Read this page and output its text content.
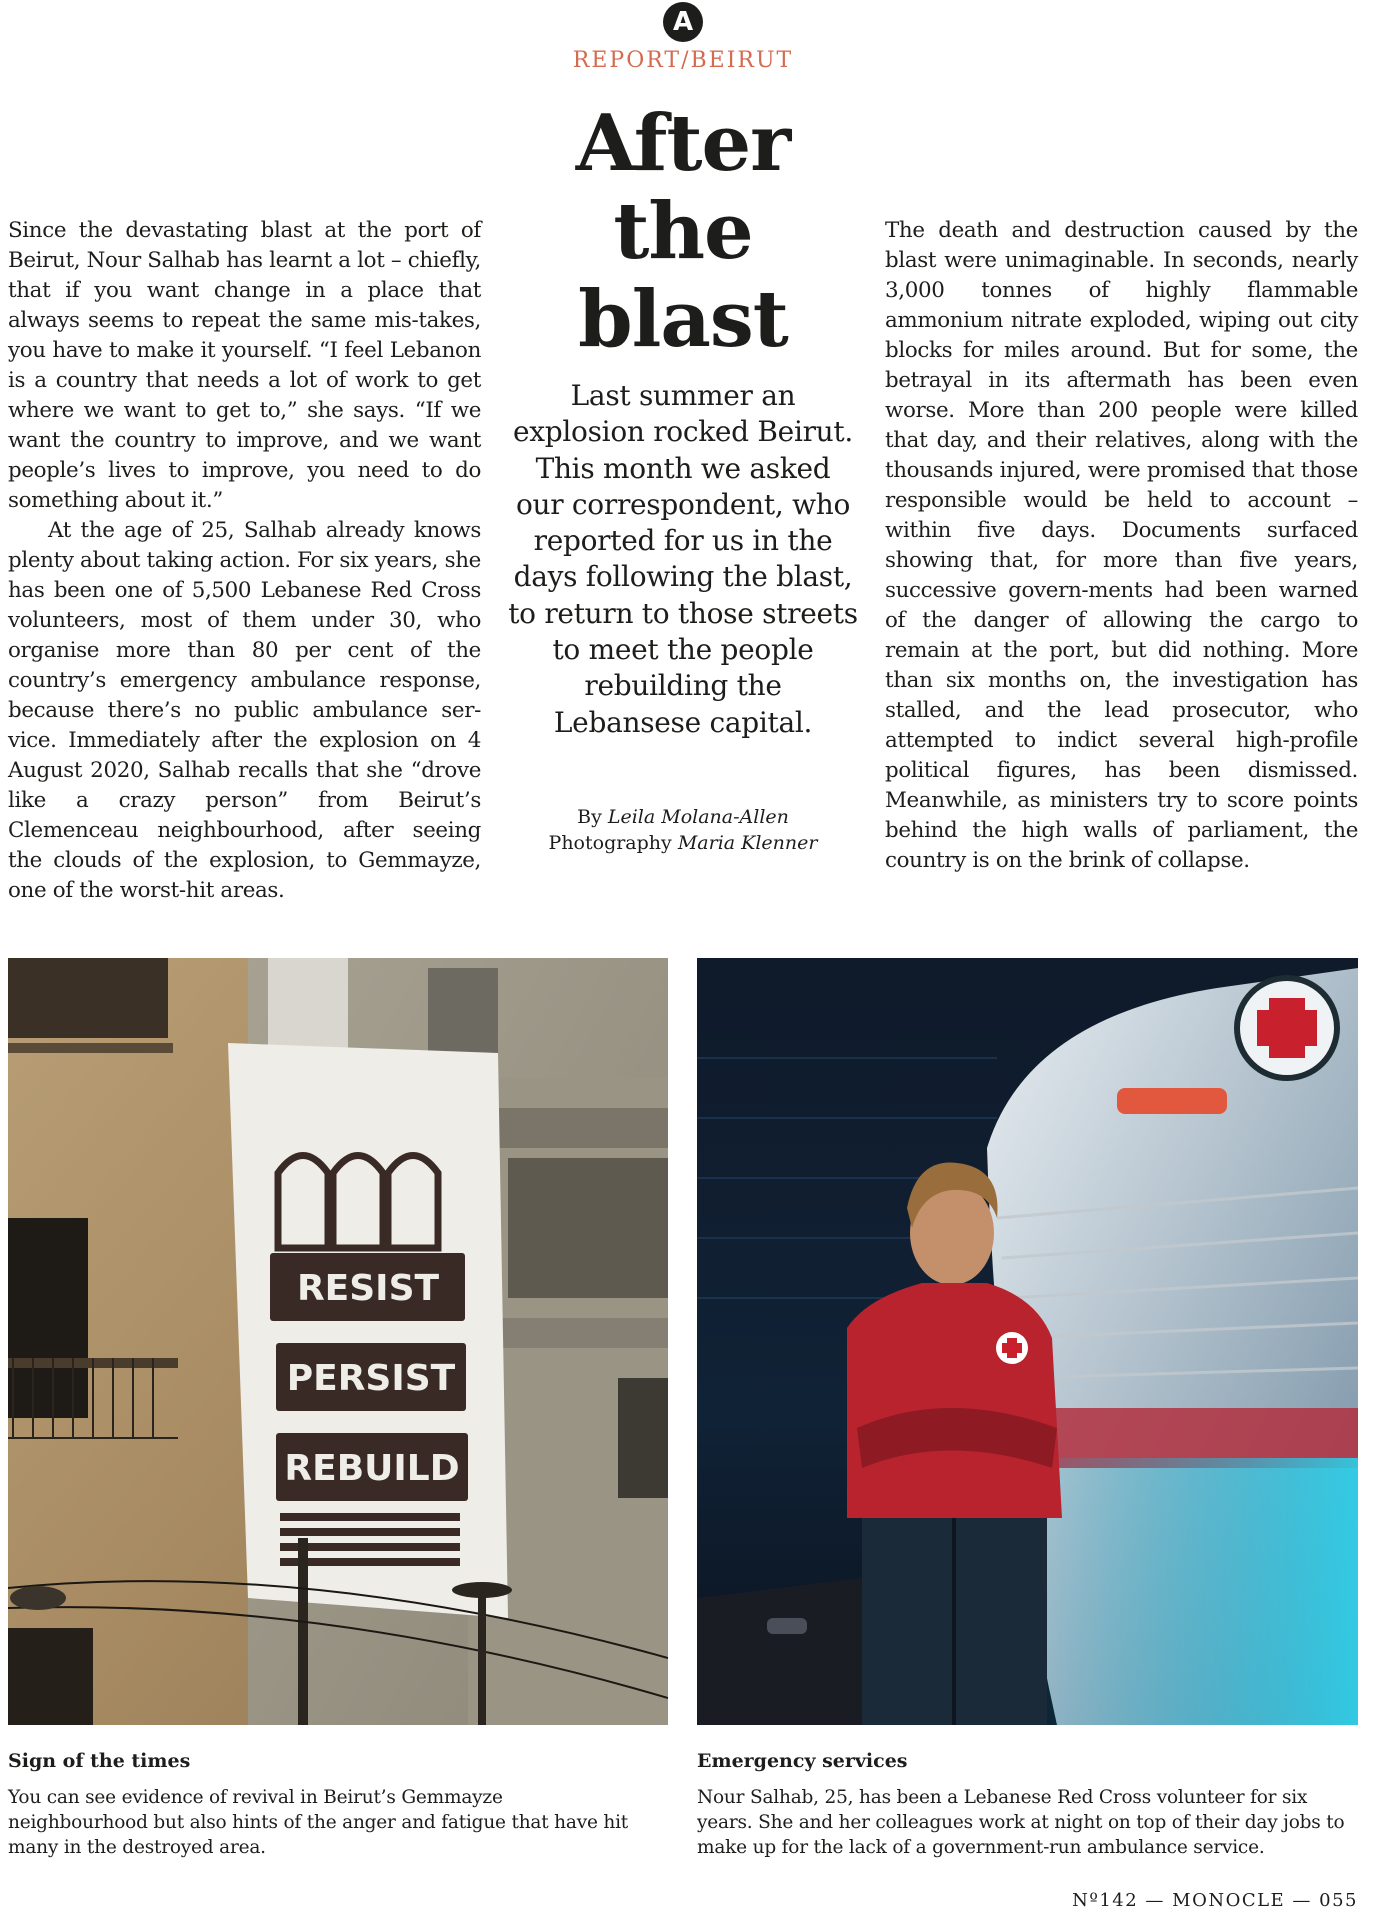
A
REPORT/BEIRUT
After
the
blast

Last summer an explosion rocked Beirut. This month we asked our correspondent, who reported for us in the days following the blast, to return to those streets to meet the people rebuilding the Lebansese capital.

By Leila Molana-Allen
Photography Maria Klenner

Since the devastating blast at the port of Beirut, Nour Salhab has learnt a lot – chiefly, that if you want change in a place that always seems to repeat the same mis-takes, you have to make it yourself. “I feel Lebanon is a country that needs a lot of work to get where we want to get to,” she says. “If we want the country to improve, and we want people’s lives to improve, you need to do something about it.”

At the age of 25, Salhab already knows plenty about taking action. For six years, she has been one of 5,500 Lebanese Red Cross volunteers, most of them under 30, who organise more than 80 per cent of the country’s emergency ambulance response, because there’s no public ambulance ser-vice. Immediately after the explosion on 4 August 2020, Salhab recalls that she “drove like a crazy person” from Beirut’s Clemenceau neighbourhood, after seeing the clouds of the explosion, to Gemmayze, one of the worst-hit areas.

The death and destruction caused by the blast were unimaginable. In seconds, nearly 3,000 tonnes of highly flammable ammonium nitrate exploded, wiping out city blocks for miles around. But for some, the betrayal in its aftermath has been even worse. More than 200 people were killed that day, and their relatives, along with the thousands injured, were promised that those responsible would be held to account – within five days. Documents surfaced showing that, for more than five years, successive govern-ments had been warned of the danger of allowing the cargo to remain at the port, but did nothing. More than six months on, the investigation has stalled, and the lead prosecutor, who attempted to indict several high-profile political figures, has been dismissed. Meanwhile, as ministers try to score points behind the high walls of parliament, the country is on the brink of collapse.

RESIST
PERSIST
REBUILD
Sign of the times

You can see evidence of revival in Beirut’s Gemmayze neighbourhood but also hints of the anger and fatigue that have hit many in the destroyed area.

Emergency services

Nour Salhab, 25, has been a Lebanese Red Cross volunteer for six years. She and her colleagues work at night on top of their day jobs to make up for the lack of a government-run ambulance service.

Nº142 — MONOCLE — 055
